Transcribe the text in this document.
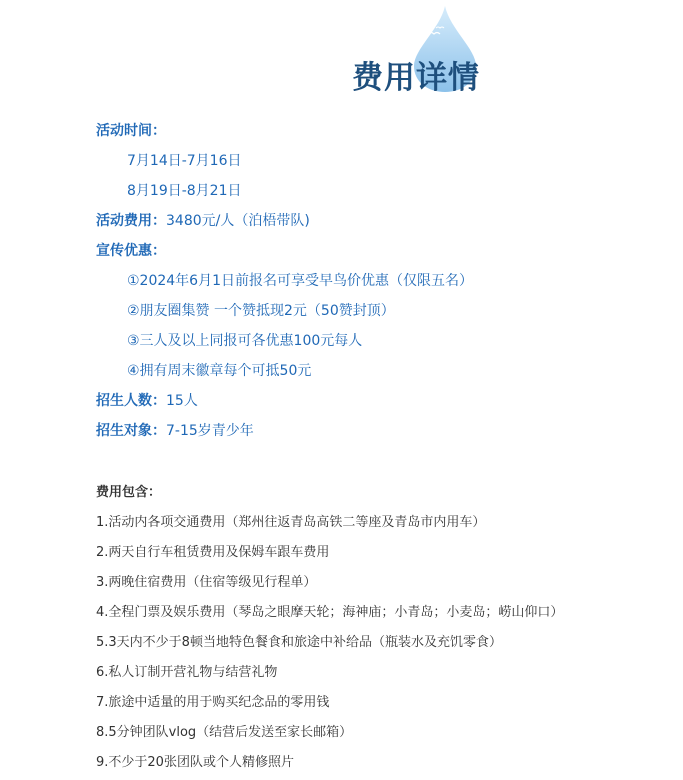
费用详情
活动时间：
7月14日-7月16日
8月19日-8月21日
活动费用：3480元/人（泊梧带队)
宣传优惠：
①2024年6月1日前报名可享受早鸟价优惠（仅限五名）
②朋友圈集赞 一个赞抵现2元（50赞封顶）
③三人及以上同报可各优惠100元每人
④拥有周末徽章每个可抵50元
招生人数：15人
招生对象：7-15岁青少年
费用包含：
1.活动内各项交通费用（郑州往返青岛高铁二等座及青岛市内用车）
2.两天自行车租赁费用及保姆车跟车费用
3.两晚住宿费用（住宿等级见行程单）
4.全程门票及娱乐费用（琴岛之眼摩天轮；海神庙；小青岛；小麦岛；崂山仰口）
5.3天内不少于8顿当地特色餐食和旅途中补给品（瓶装水及充饥零食）
6.私人订制开营礼物与结营礼物
7.旅途中适量的用于购买纪念品的零用钱
8.5分钟团队vlog（结营后发送至家长邮箱）
9.不少于20张团队或个人精修照片
